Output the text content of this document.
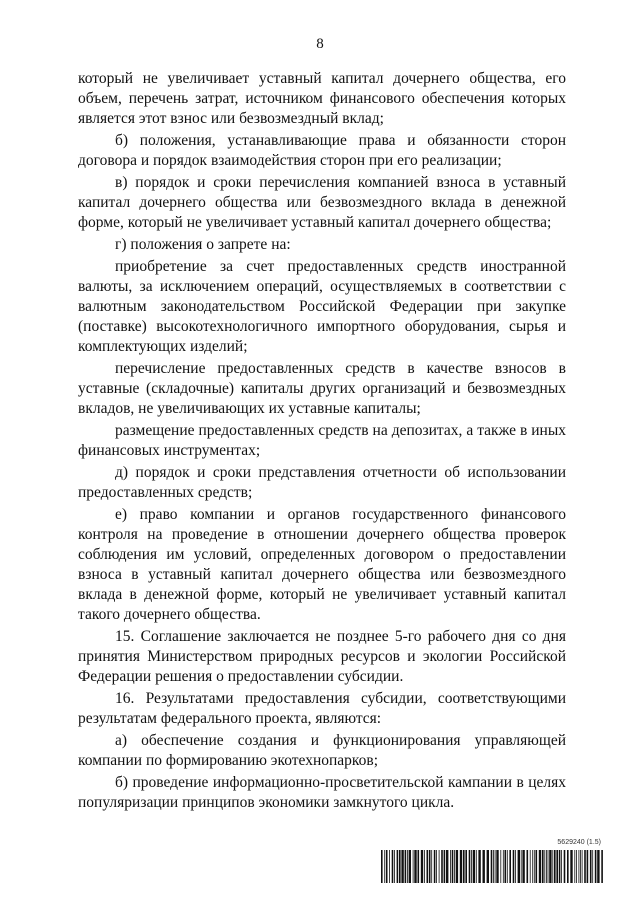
8

который не увеличивает уставный капитал дочернего общества, его объем, перечень затрат, источником финансового обеспечения которых является этот взнос или безвозмездный вклад;

б) положения, устанавливающие права и обязанности сторон договора и порядок взаимодействия сторон при его реализации;

в) порядок и сроки перечисления компанией взноса в уставный капитал дочернего общества или безвозмездного вклада в денежной форме, который не увеличивает уставный капитал дочернего общества;

г) положения о запрете на:

приобретение за счет предоставленных средств иностранной валюты, за исключением операций, осуществляемых в соответствии с валютным законодательством Российской Федерации при закупке (поставке) высокотехнологичного импортного оборудования, сырья и комплектующих изделий;

перечисление предоставленных средств в качестве взносов в уставные (складочные) капиталы других организаций и безвозмездных вкладов, не увеличивающих их уставные капиталы;

размещение предоставленных средств на депозитах, а также в иных финансовых инструментах;

д) порядок и сроки представления отчетности об использовании предоставленных средств;

е) право компании и органов государственного финансового контроля на проведение в отношении дочернего общества проверок соблюдения им условий, определенных договором о предоставлении взноса в уставный капитал дочернего общества или безвозмездного вклада в денежной форме, который не увеличивает уставный капитал такого дочернего общества.

15. Соглашение заключается не позднее 5-го рабочего дня со дня принятия Министерством природных ресурсов и экологии Российской Федерации решения о предоставлении субсидии.

16. Результатами предоставления субсидии, соответствующими результатам федерального проекта, являются:

а) обеспечение создания и функционирования управляющей компании по формированию экотехнопарков;

б) проведение информационно-просветительской кампании в целях популяризации принципов экономики замкнутого цикла.

5629240 (1.5)
